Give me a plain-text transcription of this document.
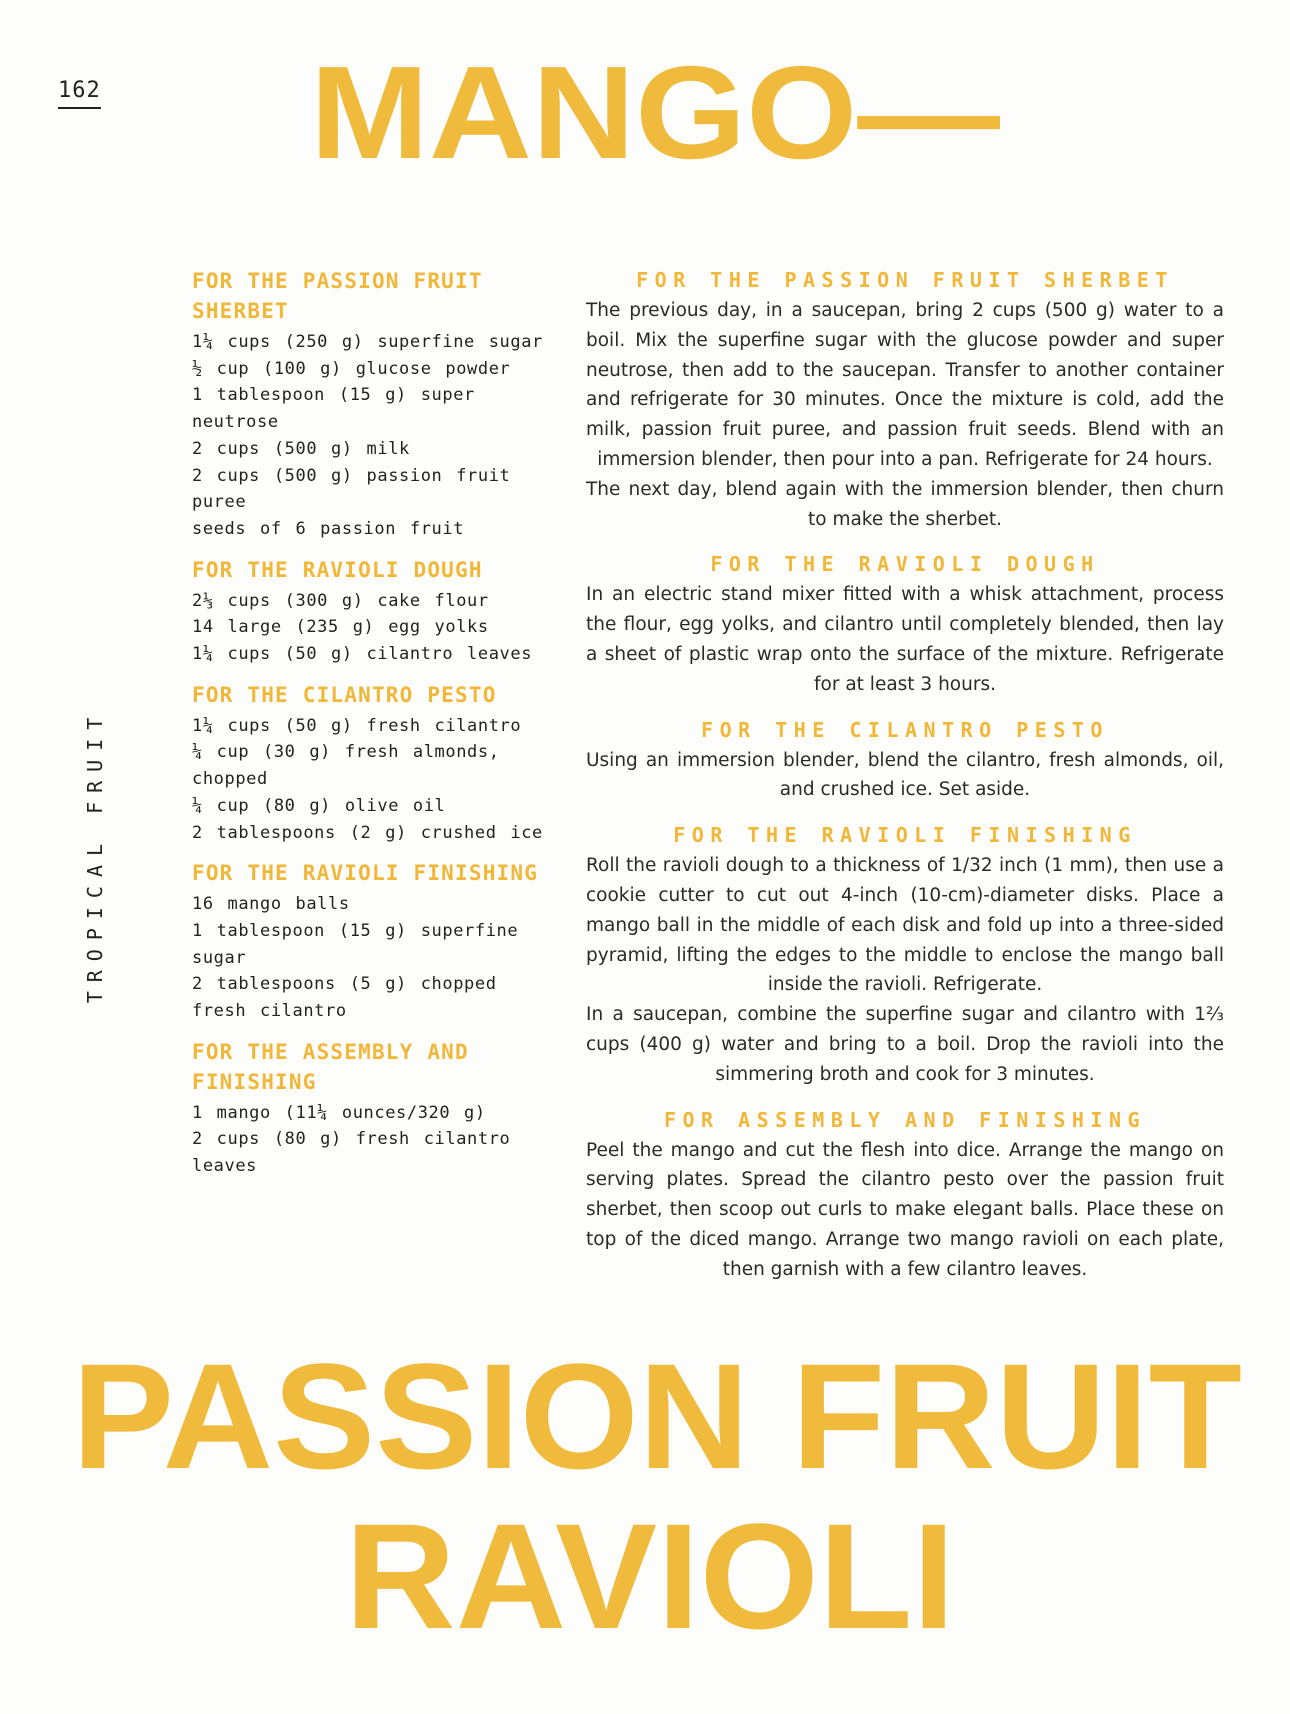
162
TROPICAL FRUIT
MANGO—
FOR THE PASSION FRUIT SHERBET
1¼ cups (250 g) superfine sugar
½ cup (100 g) glucose powder
1 tablespoon (15 g) super neutrose
2 cups (500 g) milk
2 cups (500 g) passion fruit puree
seeds of 6 passion fruit
FOR THE RAVIOLI DOUGH
2⅓ cups (300 g) cake flour
14 large (235 g) egg yolks
1¼ cups (50 g) cilantro leaves
FOR THE CILANTRO PESTO
1¼ cups (50 g) fresh cilantro
¼ cup (30 g) fresh almonds, chopped
¼ cup (80 g) olive oil
2 tablespoons (2 g) crushed ice
FOR THE RAVIOLI FINISHING
16 mango balls
1 tablespoon (15 g) superfine sugar
2 tablespoons (5 g) chopped fresh cilantro
FOR THE ASSEMBLY AND FINISHING
1 mango (11¼ ounces/320 g)
2 cups (80 g) fresh cilantro leaves
FOR THE PASSION FRUIT SHERBET

The previous day, in a saucepan, bring 2 cups (500 g) water to a boil. Mix the superfine sugar with the glucose powder and super neutrose, then add to the saucepan. Transfer to another container and refrigerate for 30 minutes. Once the mixture is cold, add the milk, passion fruit puree, and passion fruit seeds. Blend with an immersion blender, then pour into a pan. Refrigerate for 24 hours.

The next day, blend again with the immersion blender, then churn to make the sherbet.

FOR THE RAVIOLI DOUGH

In an electric stand mixer fitted with a whisk attachment, process the flour, egg yolks, and cilantro until completely blended, then lay a sheet of plastic wrap onto the surface of the mixture. Refrigerate for at least 3 hours.

FOR THE CILANTRO PESTO

Using an immersion blender, blend the cilantro, fresh almonds, oil, and crushed ice. Set aside.

FOR THE RAVIOLI FINISHING

Roll the ravioli dough to a thickness of 1/32 inch (1 mm), then use a cookie cutter to cut out 4-inch (10-cm)-diameter disks. Place a mango ball in the middle of each disk and fold up into a three-sided pyramid, lifting the edges to the middle to enclose the mango ball inside the ravioli. Refrigerate.

In a saucepan, combine the superfine sugar and cilantro with 1⅔ cups (400 g) water and bring to a boil. Drop the ravioli into the simmering broth and cook for 3 minutes.

FOR ASSEMBLY AND FINISHING

Peel the mango and cut the flesh into dice. Arrange the mango on serving plates. Spread the cilantro pesto over the passion fruit sherbet, then scoop out curls to make elegant balls. Place these on top of the diced mango. Arrange two mango ravioli on each plate, then garnish with a few cilantro leaves.

PASSION FRUIT
RAVIOLI
